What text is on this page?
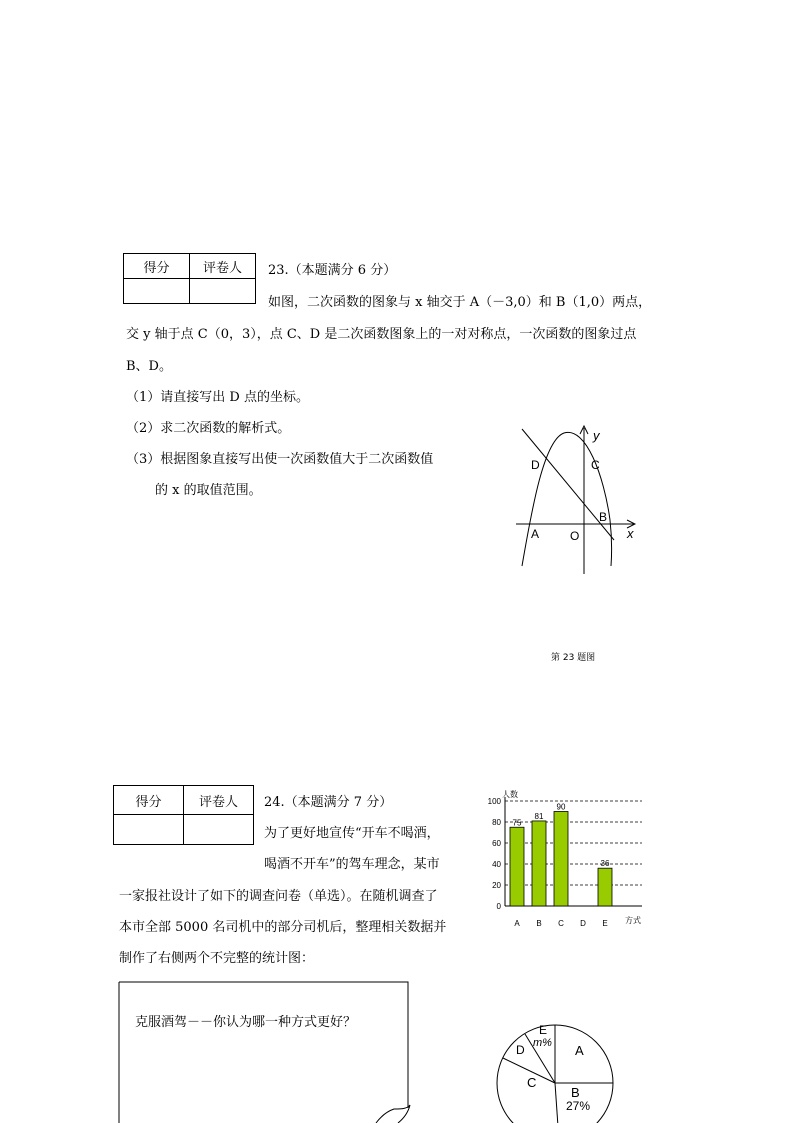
得分	评卷人
	23.（本题满分 6 分）
如图，二次函数的图象与 x 轴交于 A（－3,0）和 B（1,0）两点，
交 y 轴于点 C（0，3），点 C、D 是二次函数图象上的一对对称点，一次函数的图象过点
B、D。
（1）请直接写出 D 点的坐标。
（2）求二次函数的解析式。
（3）根据图象直接写出使一次函数值大于二次函数值
的 x 的取值范围。
y
D	C
B
A	O	x
第 23 题图
得分	评卷人
	24.（本题满分 7 分）
为了更好地宣传“开车不喝酒，
喝酒不开车”的驾车理念，某市
一家报社设计了如下的调查问卷（单选）。在随机调查了
本市全部 5000 名司机中的部分司机后，整理相关数据并
制作了右侧两个不完整的统计图：
克服酒驾－－你认为哪一种方式更好？
人数
方式
0
20
40
60
80
100
A
75
B
81
C
90
D E
36
A
B
27%
C
D
E
m%
